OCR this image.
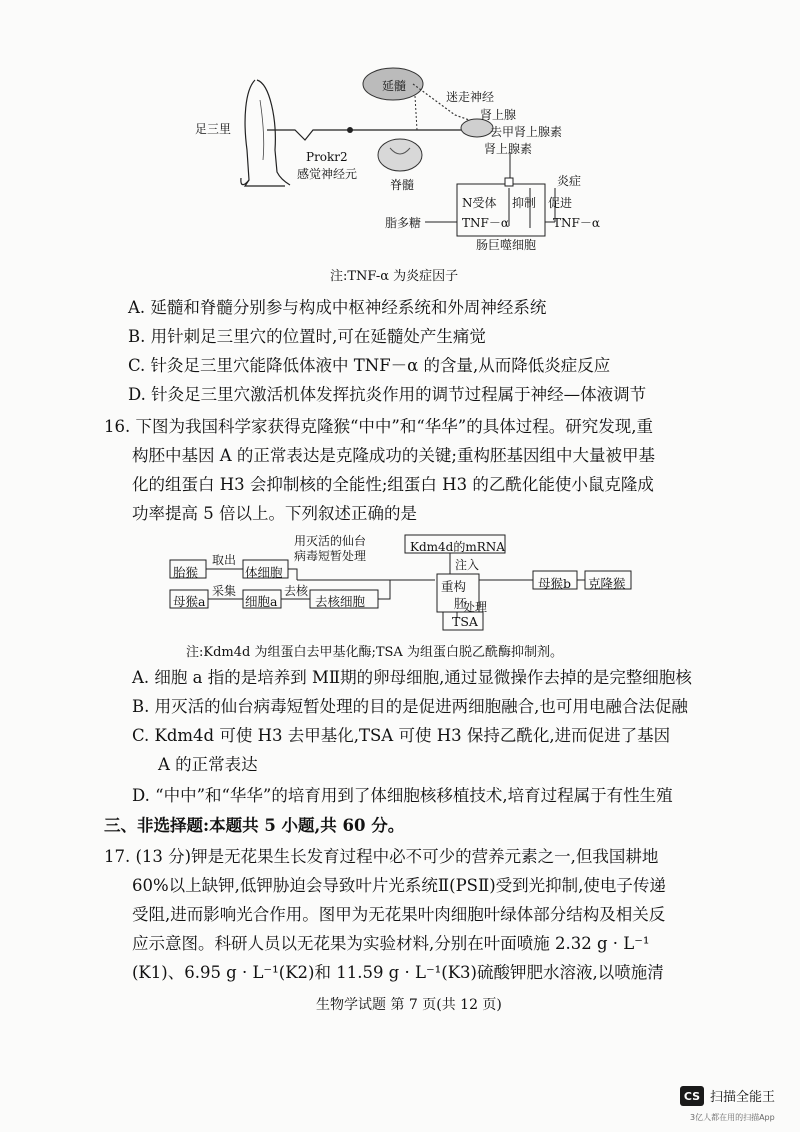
足三里
延髓
迷走神经
肾上腺
去甲肾上腺素
肾上腺素
Prokr2
感觉神经元
脊髓	炎症
N受体 抑制 促进
脂多糖	TNF－α	TNF－α
肠巨噬细胞
注:TNF-α 为炎症因子
A. 延髓和脊髓分别参与构成中枢神经系统和外周神经系统
B. 用针刺足三里穴的位置时,可在延髓处产生痛觉
C. 针灸足三里穴能降低体液中 TNF－α 的含量,从而降低炎症反应
D. 针灸足三里穴激活机体发挥抗炎作用的调节过程属于神经—体液调节
16. 下图为我国科学家获得克隆猴“中中”和“华华”的具体过程。研究发现,重
构胚中基因 A 的正常表达是克隆成功的关键;重构胚基因组中大量被甲基
化的组蛋白 H3 会抑制核的全能性;组蛋白 H3 的乙酰化能使小鼠克隆成
功率提高 5 倍以上。下列叙述正确的是
胎猴
母猴a
取出
采集
体细胞
细胞a
去核
去核细胞
用灭活的仙台
病毒短暂处理
Kdm4d的mRNA
注入
重构
胚
处理
TSA
母猴b 克隆猴
注:Kdm4d 为组蛋白去甲基化酶;TSA 为组蛋白脱乙酰酶抑制剂。
A. 细胞 a 指的是培养到 MⅡ期的卵母细胞,通过显微操作去掉的是完整细胞核
B. 用灭活的仙台病毒短暂处理的目的是促进两细胞融合,也可用电融合法促融
C. Kdm4d 可使 H3 去甲基化,TSA 可使 H3 保持乙酰化,进而促进了基因
A 的正常表达
D. “中中”和“华华”的培育用到了体细胞核移植技术,培育过程属于有性生殖
三、非选择题:本题共 5 小题,共 60 分。
17. (13 分)钾是无花果生长发育过程中必不可少的营养元素之一,但我国耕地
60%以上缺钾,低钾胁迫会导致叶片光系统Ⅱ(PSⅡ)受到光抑制,使电子传递
受阻,进而影响光合作用。图甲为无花果叶肉细胞叶绿体部分结构及相关反
应示意图。科研人员以无花果为实验材料,分别在叶面喷施 2.32 g · L⁻¹
(K1)、6.95 g · L⁻¹(K2)和 11.59 g · L⁻¹(K3)硫酸钾肥水溶液,以喷施清
生物学试题 第 7 页(共 12 页)
CS 扫描全能王
3亿人都在用的扫描App
